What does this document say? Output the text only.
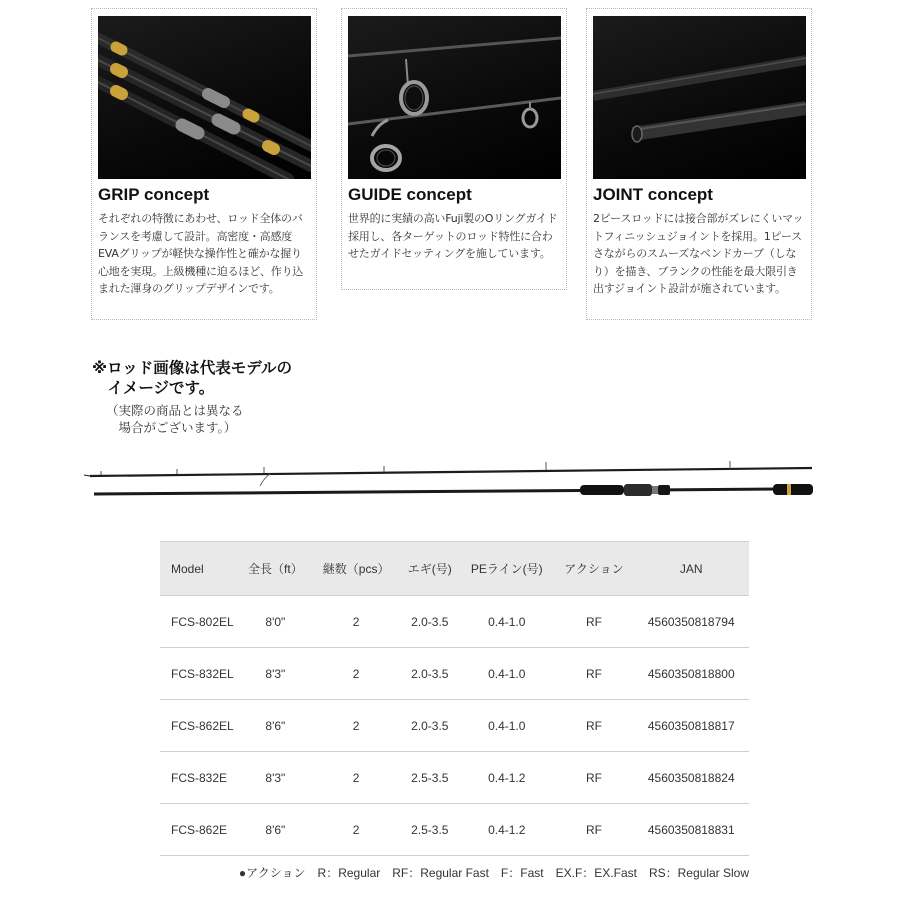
GRIP concept

それぞれの特徴にあわせ、ロッド全体のバランスを考慮して設計。高密度・高感度EVAグリップが軽快な操作性と確かな握り心地を実現。上級機種に迫るほど、作り込まれた渾身のグリップデザインです。

GUIDE concept

世界的に実績の高いFuji製のOリングガイド採用し、各ターゲットのロッド特性に合わせたガイドセッティングを施しています。

JOINT concept

2ピースロッドには接合部がズレにくいマットフィニッシュジョイントを採用。1ピースさながらのスムーズなベンドカーブ（しなり）を描き、ブランクの性能を最大限引き出すジョイント設計が施されています。

※ロッド画像は代表モデルの
　イメージです。

（実際の商品とは異なる
　場合がございます。）

Model	全長（ft）	継数（pcs）	エギ(号)	PEライン(号)	アクション	JAN
FCS-802EL	8'0"	2	2.0-3.5	0.4-1.0	RF	4560350818794
FCS-832EL	8'3"	2	2.0-3.5	0.4-1.0	RF	4560350818800
FCS-862EL	8'6"	2	2.0-3.5	0.4-1.0	RF	4560350818817
FCS-832E	8'3"	2	2.5-3.5	0.4-1.2	RF	4560350818824
FCS-862E	8'6"	2	2.5-3.5	0.4-1.2	RF	4560350818831

●アクション　R：Regular　RF：Regular Fast　F：Fast　EX.F：EX.Fast　RS：Regular Slow
